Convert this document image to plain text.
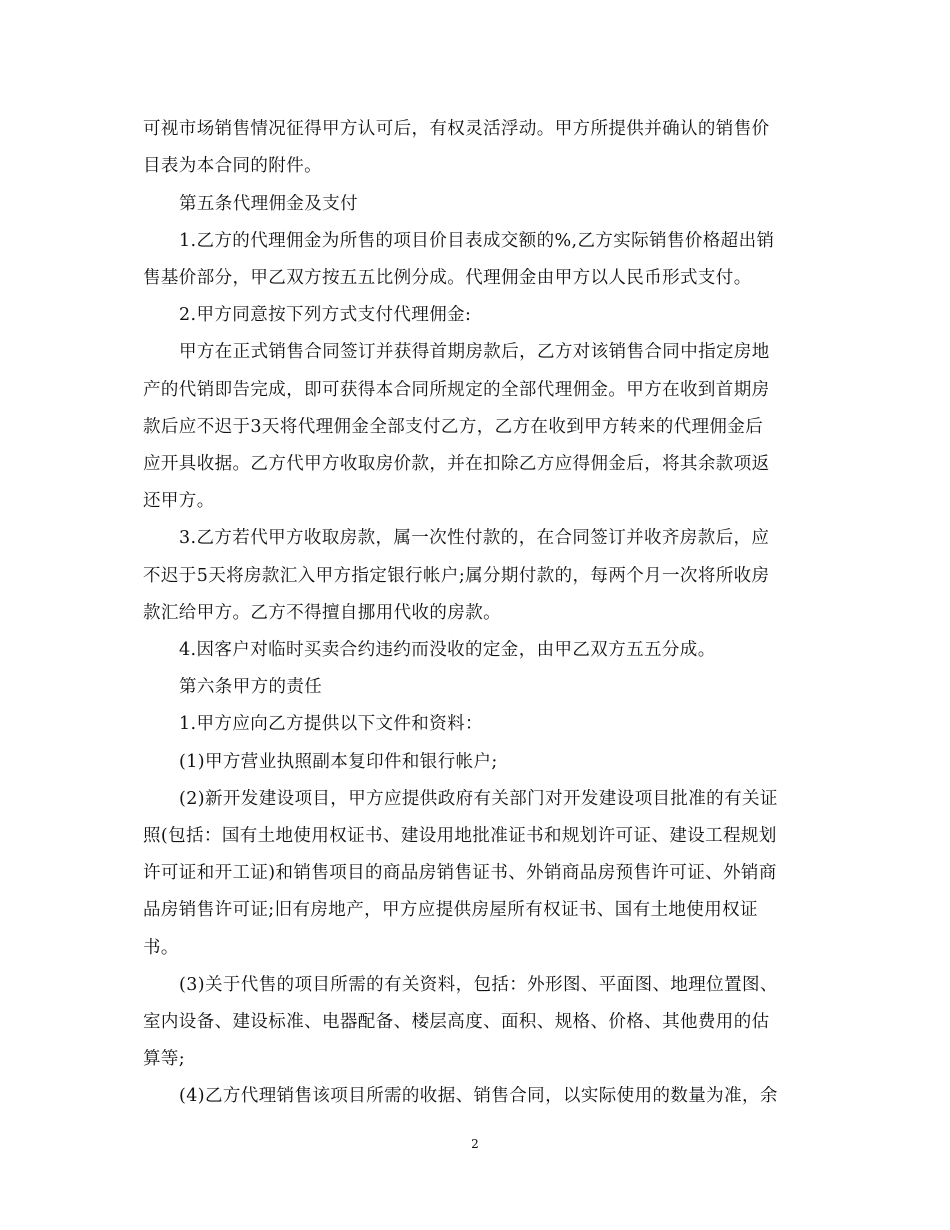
可视市场销售情况征得甲方认可后，有权灵活浮动。甲方所提供并确认的销售价
目表为本合同的附件。
第五条代理佣金及支付
1.乙方的代理佣金为所售的项目价目表成交额的%,乙方实际销售价格超出销
售基价部分，甲乙双方按五五比例分成。代理佣金由甲方以人民币形式支付。
2.甲方同意按下列方式支付代理佣金:
甲方在正式销售合同签订并获得首期房款后，乙方对该销售合同中指定房地
产的代销即告完成，即可获得本合同所规定的全部代理佣金。甲方在收到首期房
款后应不迟于3天将代理佣金全部支付乙方，乙方在收到甲方转来的代理佣金后
应开具收据。乙方代甲方收取房价款，并在扣除乙方应得佣金后，将其余款项返
还甲方。
3.乙方若代甲方收取房款，属一次性付款的，在合同签订并收齐房款后，应
不迟于5天将房款汇入甲方指定银行帐户;属分期付款的，每两个月一次将所收房
款汇给甲方。乙方不得擅自挪用代收的房款。
4.因客户对临时买卖合约违约而没收的定金，由甲乙双方五五分成。
第六条甲方的责任
1.甲方应向乙方提供以下文件和资料：
(1)甲方营业执照副本复印件和银行帐户;
(2)新开发建设项目，甲方应提供政府有关部门对开发建设项目批准的有关证
照(包括：国有土地使用权证书、建设用地批准证书和规划许可证、建设工程规划
许可证和开工证)和销售项目的商品房销售证书、外销商品房预售许可证、外销商
品房销售许可证;旧有房地产，甲方应提供房屋所有权证书、国有土地使用权证
书。
(3)关于代售的项目所需的有关资料，包括：外形图、平面图、地理位置图、
室内设备、建设标准、电器配备、楼层高度、面积、规格、价格、其他费用的估
算等;
(4)乙方代理销售该项目所需的收据、销售合同，以实际使用的数量为准，余
2
